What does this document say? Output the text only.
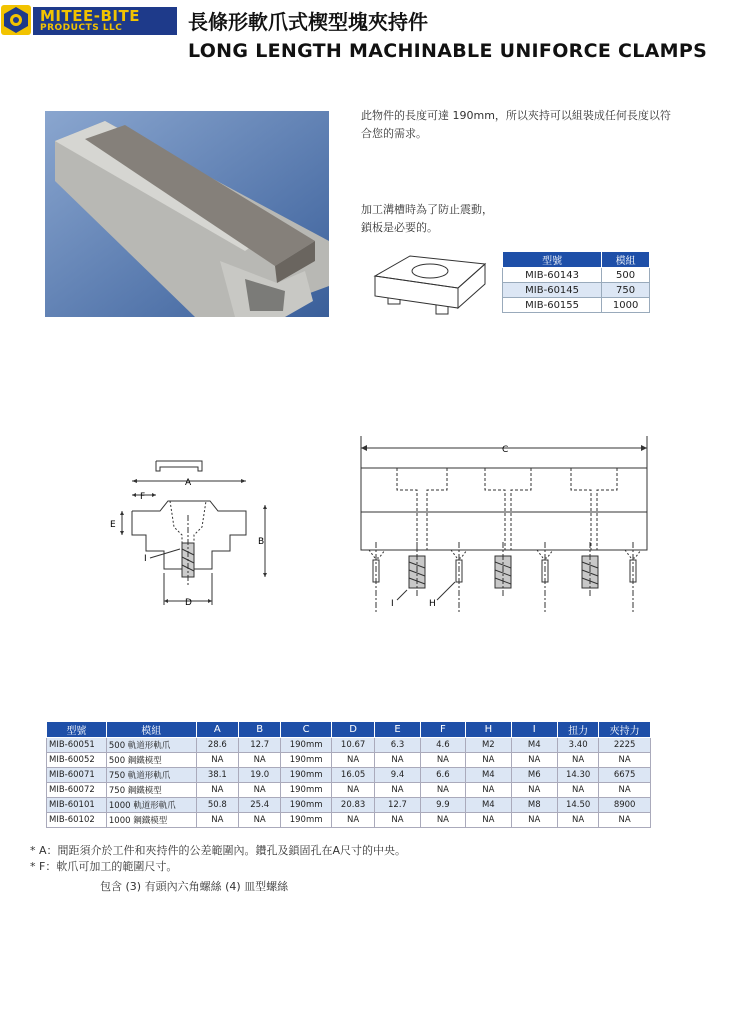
MITEE-BITE
PRODUCTS LLC	長條形軟爪式楔型塊夾持件
LONG LENGTH MACHINABLE UNIFORCE CLAMPS
此物件的長度可達 190mm，所以夾持可以組裝成任何長度以符
合您的需求。
加工溝槽時為了防止震動，
鎖板是必要的。
型號	模組
MIB-60143	500
MIB-60145	750
MIB-60155	1000
A
F
E
B
I
D
C
I	H
型號	模組	A	B	C	D	E	F	H	I	扭力	夾持力
MIB-60051	500 軌道形軌爪	28.6	12.7	190mm	10.67	6.3	4.6	M2	M4	3.40	2225
MIB-60052	500 鋼鐵模型	NA	NA	190mm	NA	NA	NA	NA	NA	NA	NA
MIB-60071	750 軌道形軌爪	38.1	19.0	190mm	16.05	9.4	6.6	M4	M6	14.30	6675
MIB-60072	750 鋼鐵模型	NA	NA	190mm	NA	NA	NA	NA	NA	NA	NA
MIB-60101	1000 軌道形軌爪	50.8	25.4	190mm	20.83	12.7	9.9	M4	M8	14.50	8900
MIB-60102	1000 鋼鐵模型	NA	NA	190mm	NA	NA	NA	NA	NA	NA	NA
* A：間距須介於工件和夾持件的公差範圍內。鑽孔及鎖固孔在A尺寸的中央。
* F：軟爪可加工的範圍尺寸。
包含 (3) 有頭內六角螺絲 (4) 皿型螺絲
